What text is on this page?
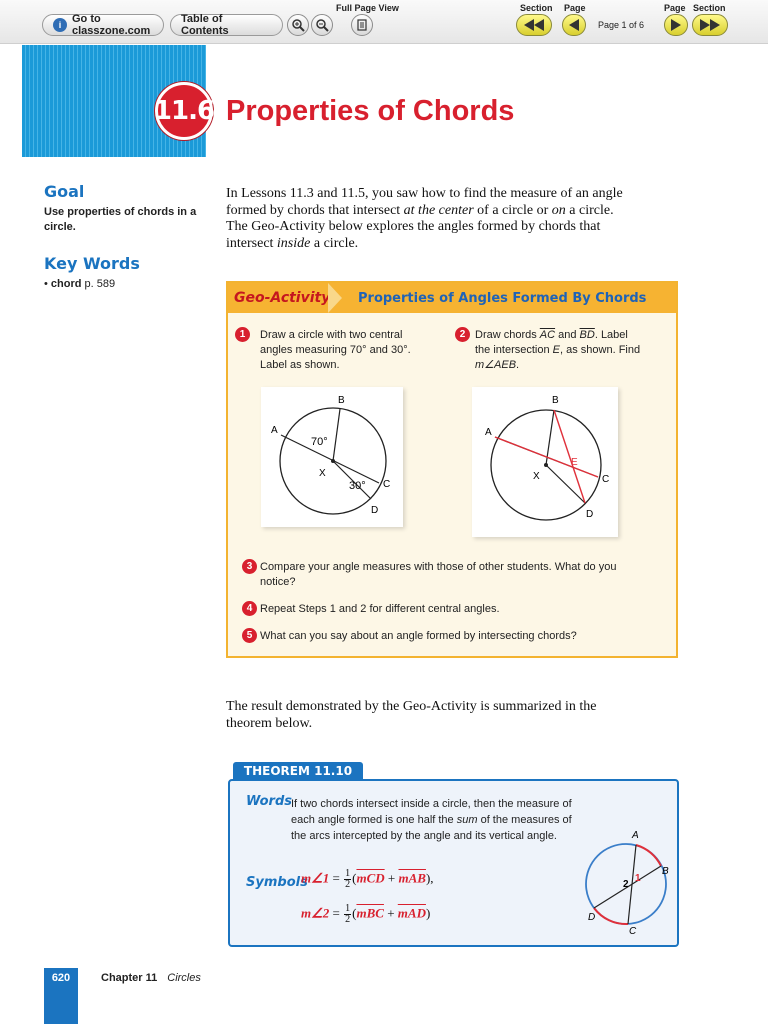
i Go to classzone.com
Table of Contents
Full Page View	Section Page
Page 1 of 6
Page Section
11.6 Properties of Chords
Goal
Use properties of chords in a circle.
Key Words
• chord p. 589
In Lessons 11.3 and 11.5, you saw how to find the measure of an angle formed by chords that intersect at the center of a circle or on a circle. The Geo-Activity below explores the angles formed by chords that intersect inside a circle.
Geo-Activity Properties of Angles Formed By Chords
1	Draw a circle with two central angles measuring 70° and 30°. Label as shown.
2 Draw chords $\overline{AC}$ and $\overline{BD}$. Label the intersection E, as shown. Find m∠AEB.
B
A
70°
X
30° C
D
B
A
E
X	C
D
3 Compare your angle measures with those of other students. What do you notice?
4 Repeat Steps 1 and 2 for different central angles.
5 What can you say about an angle formed by intersecting chords?
The result demonstrated by the Geo-Activity is summarized in the theorem below.
THEOREM 11.10
Words
If two chords intersect inside a circle, then the measure of each angle formed is one half the sum of the measures of the arcs intercepted by the angle and its vertical angle.
Symbols
m∠1 = $\frac{1}{2} (\overline{mCD} + \overline{mAB})$,
m∠2 = $\frac{1}{2} (\overline{mBC} + \overline{mAD})$
A
B
1
2
D
C
620	Chapter 11 Circles
